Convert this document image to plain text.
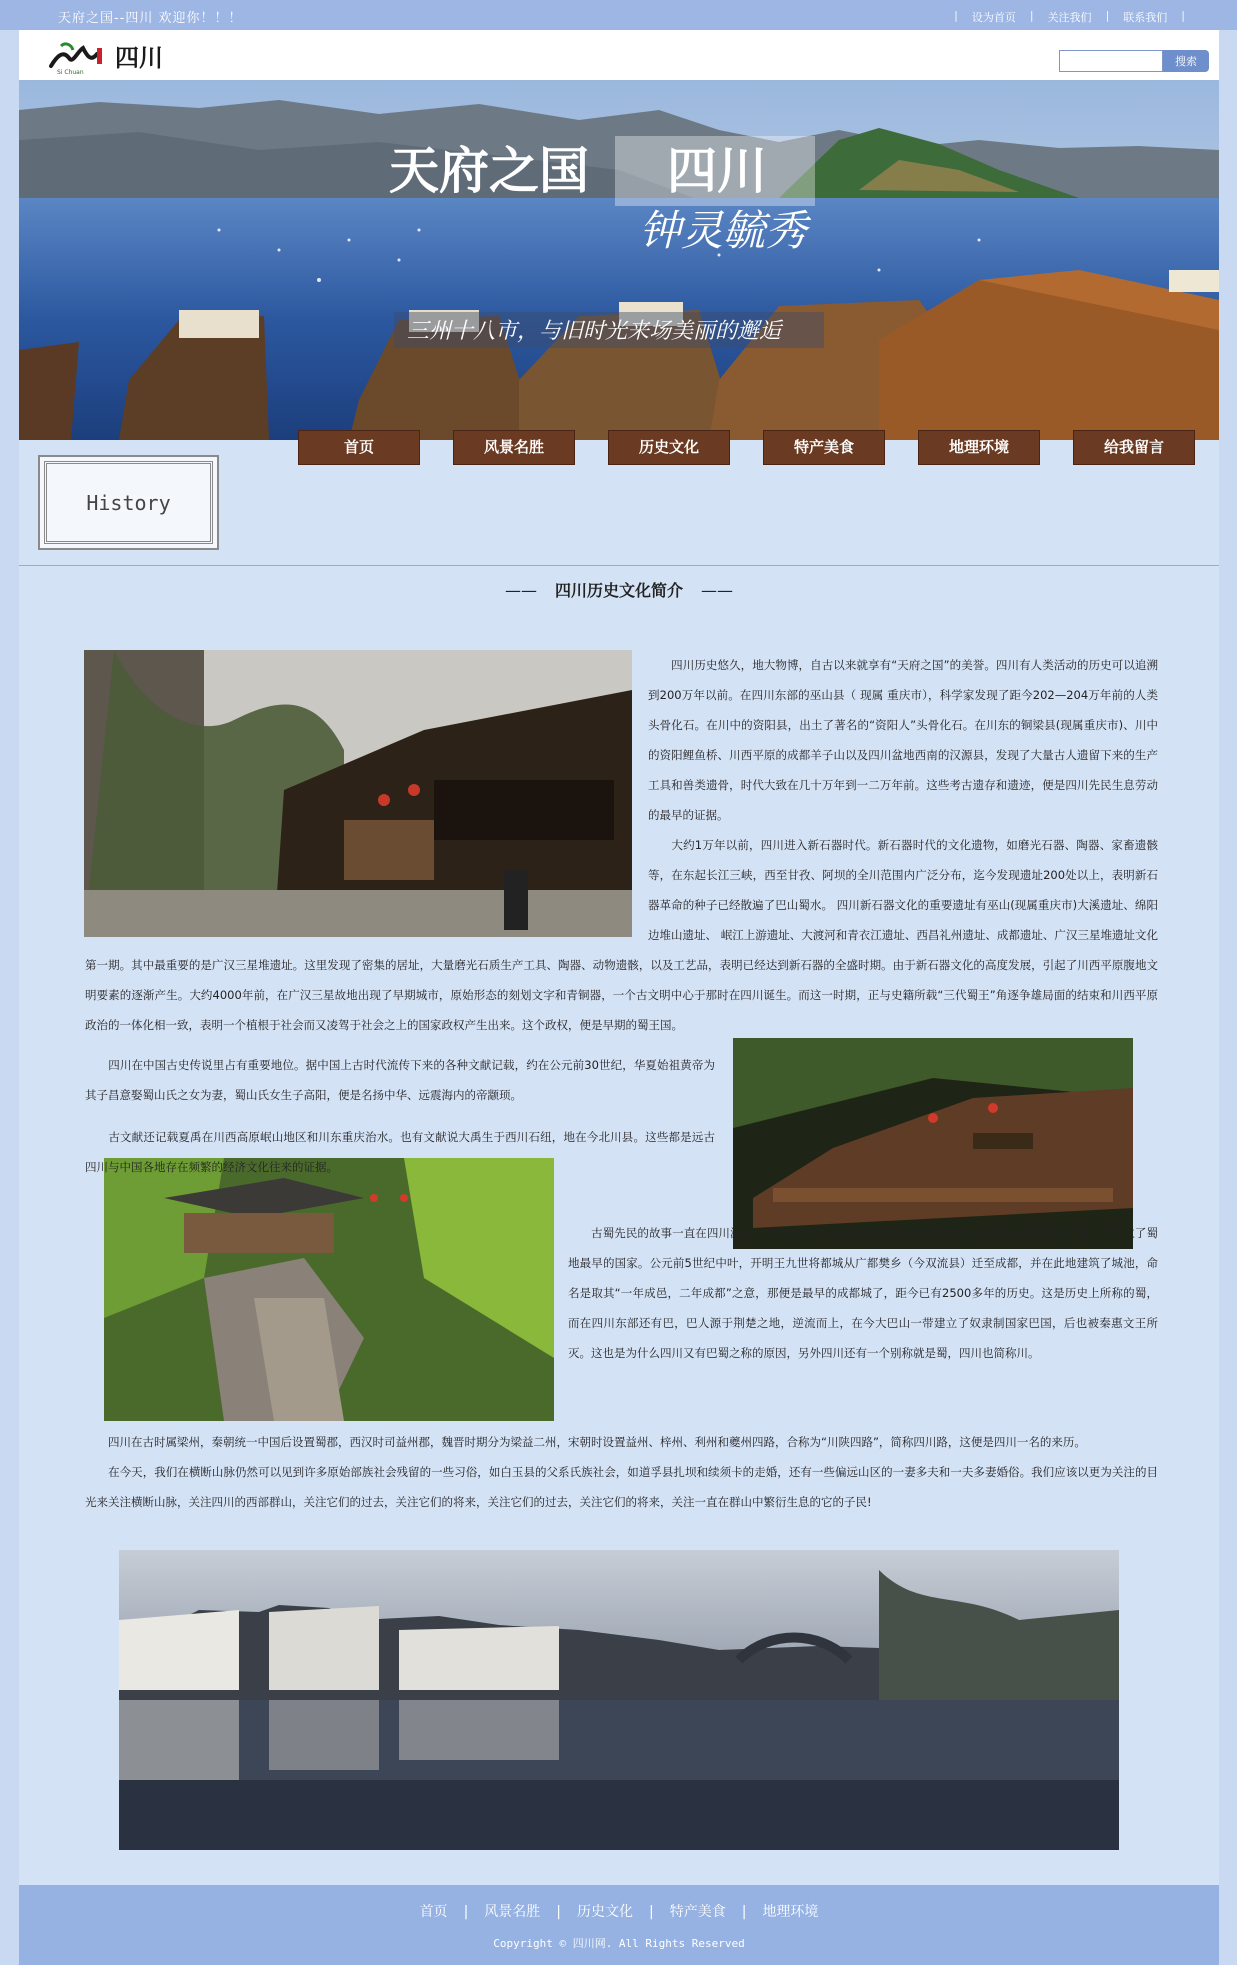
天府之国--四川 欢迎你！！！	| 设为首页 | 关注我们 | 联系我们 |
Si Chuan
四川	搜索
天府之国 四川
钟灵毓秀
三州十八市，与旧时光来场美丽的邂逅
首页	风景名胜	历史文化	特产美食	地理环境	给我留言
History
—— 四川历史文化简介 ——
　　四川历史悠久，地大物博，自古以来就享有“天府之国”的美誉。四川有人类活动的历史可以追溯到200万年以前。在四川东部的巫山县（ 现属 重庆市），科学家发现了距今202—204万年前的人类头骨化石。在川中的资阳县，出土了著名的“资阳人”头骨化石。在川东的铜梁县(现属重庆市)、川中的资阳鲤鱼桥、川西平原的成都羊子山以及四川盆地西南的汉源县，发现了大量古人遗留下来的生产工具和兽类遗骨，时代大致在几十万年到一二万年前。这些考古遗存和遗迹，便是四川先民生息劳动的最早的证据。
　　大约1万年以前，四川进入新石器时代。新石器时代的文化遗物，如磨光石器、陶器、家畜遗骸等，在东起长江三峡，西至甘孜、阿坝的全川范围内广泛分布，迄今发现遗址200处以上，表明新石器革命的种子已经散遍了巴山蜀水。 四川新石器文化的重要遗址有巫山(现属重庆市)大溪遗址、绵阳边堆山遗址、 岷江上游遗址、大渡河和青衣江遗址、西昌礼州遗址、成都遗址、广汉三星堆遗址文化第一期。其中最重要的是广汉三星堆遗址。这里发现了密集的居址，大量磨光石质生产工具、陶器、动物遗骸，以及工艺品，表明已经达到新石器的全盛时期。由于新石器文化的高度发展，引起了川西平原腹地文明要素的逐渐产生。大约4000年前，在广汉三星故地出现了早期城市，原始形态的刻划文字和青铜器，一个古文明中心于那时在四川诞生。而这一时期，正与史籍所载“三代蜀王”角逐争雄局面的结束和川西平原政治的一体化相一致，表明一个植根于社会而又凌驾于社会之上的国家政权产生出来。这个政权，便是早期的蜀王国。
　　四川在中国古史传说里占有重要地位。据中国上古时代流传下来的各种文献记载，约在公元前30世纪，华夏始祖黄帝为其子昌意娶蜀山氏之女为妻，蜀山氏女生子高阳，便是名扬中华、远震海内的帝颛顼。
　　古文献还记载夏禹在川西高原岷山地区和川东重庆治水。也有文献说大禹生于西川石纽，地在今北川县。这些都是远古四川与中国各地存在频繁的经济文化往来的证据。
　　古蜀先民的故事一直在四川流传，古蜀王鱼凫、柏灌和开明王等在西蜀大地上从事农耕文明的传播，并创立了蜀地最早的国家。公元前5世纪中叶，开明王九世将都城从广都樊乡（今双流县）迁至成都，并在此地建筑了城池，命名是取其“一年成邑，二年成都”之意，那便是最早的成都城了，距今已有2500多年的历史。这是历史上所称的蜀，而在四川东部还有巴，巴人源于荆楚之地，逆流而上，在今大巴山一带建立了奴隶制国家巴国，后也被秦惠文王所灭。这也是为什么四川又有巴蜀之称的原因，另外四川还有一个别称就是蜀，四川也简称川。
　　四川在古时属梁州，秦朝统一中国后设置蜀郡，西汉时司益州郡，魏晋时期分为梁益二州，宋朝时设置益州、梓州、利州和夔州四路，合称为“川陕四路”，简称四川路，这便是四川一名的来历。
　　在今天，我们在横断山脉仍然可以见到许多原始部族社会残留的一些习俗，如白玉县的父系氏族社会，如道孚县扎坝和续须卡的走婚，还有一些偏远山区的一妻多夫和一夫多妻婚俗。我们应该以更为关注的目光来关注横断山脉，关注四川的西部群山，关注它们的过去，关注它们的将来，关注它们的过去，关注它们的将来，关注一直在群山中繁衍生息的它的子民!
首页 | 风景名胜 | 历史文化 | 特产美食 | 地理环境
Copyright © 四川网. All Rights Reserved
